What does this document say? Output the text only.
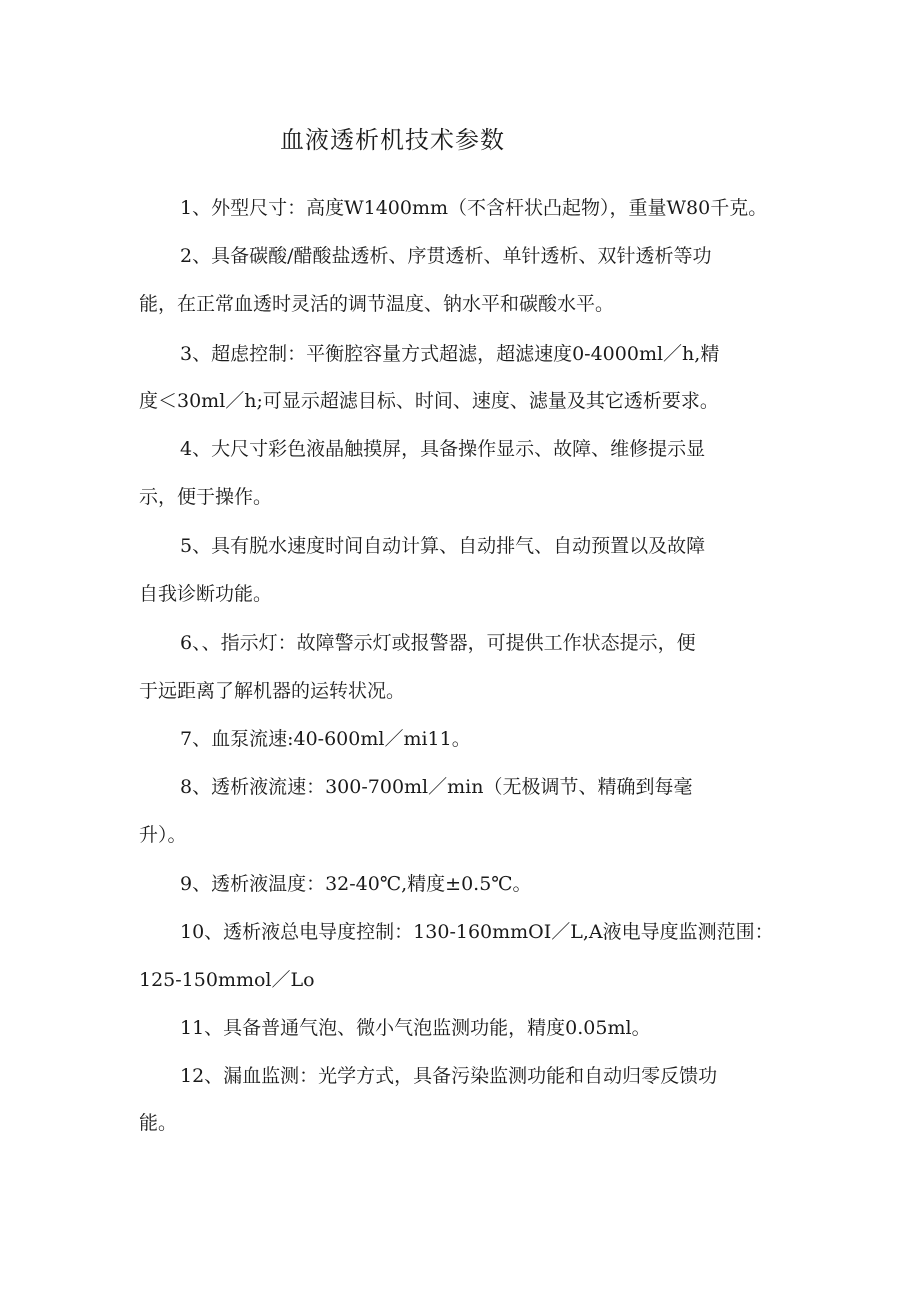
血液透析机技术参数
1、外型尺寸：高度W1400mm（不含杆状凸起物），重量W80千克。
2、具备碳酸/醋酸盐透析、序贯透析、单针透析、双针透析等功
能，在正常血透时灵活的调节温度、钠水平和碳酸水平。
3、超虑控制：平衡腔容量方式超滤，超滤速度0-4000ml／h,精
度＜30ml／h;可显示超滤目标、时间、速度、滤量及其它透析要求。
4、大尺寸彩色液晶触摸屏，具备操作显示、故障、维修提示显
示，便于操作。
5、具有脱水速度时间自动计算、自动排气、自动预置以及故障
自我诊断功能。
6、、指示灯：故障警示灯或报警器，可提供工作状态提示，便
于远距离了解机器的运转状况。
7、血泵流速:40-600ml／mi11。
8、透析液流速：300-700ml／min（无极调节、精确到每毫
升）。
9、透析液温度：32-40℃,精度±0.5℃。
10、透析液总电导度控制：130-160mmOI／L,A液电导度监测范围：
125-150mmol／Lo
11、具备普通气泡、微小气泡监测功能，精度0.05ml。
12、漏血监测：光学方式，具备污染监测功能和自动归零反馈功
能。
